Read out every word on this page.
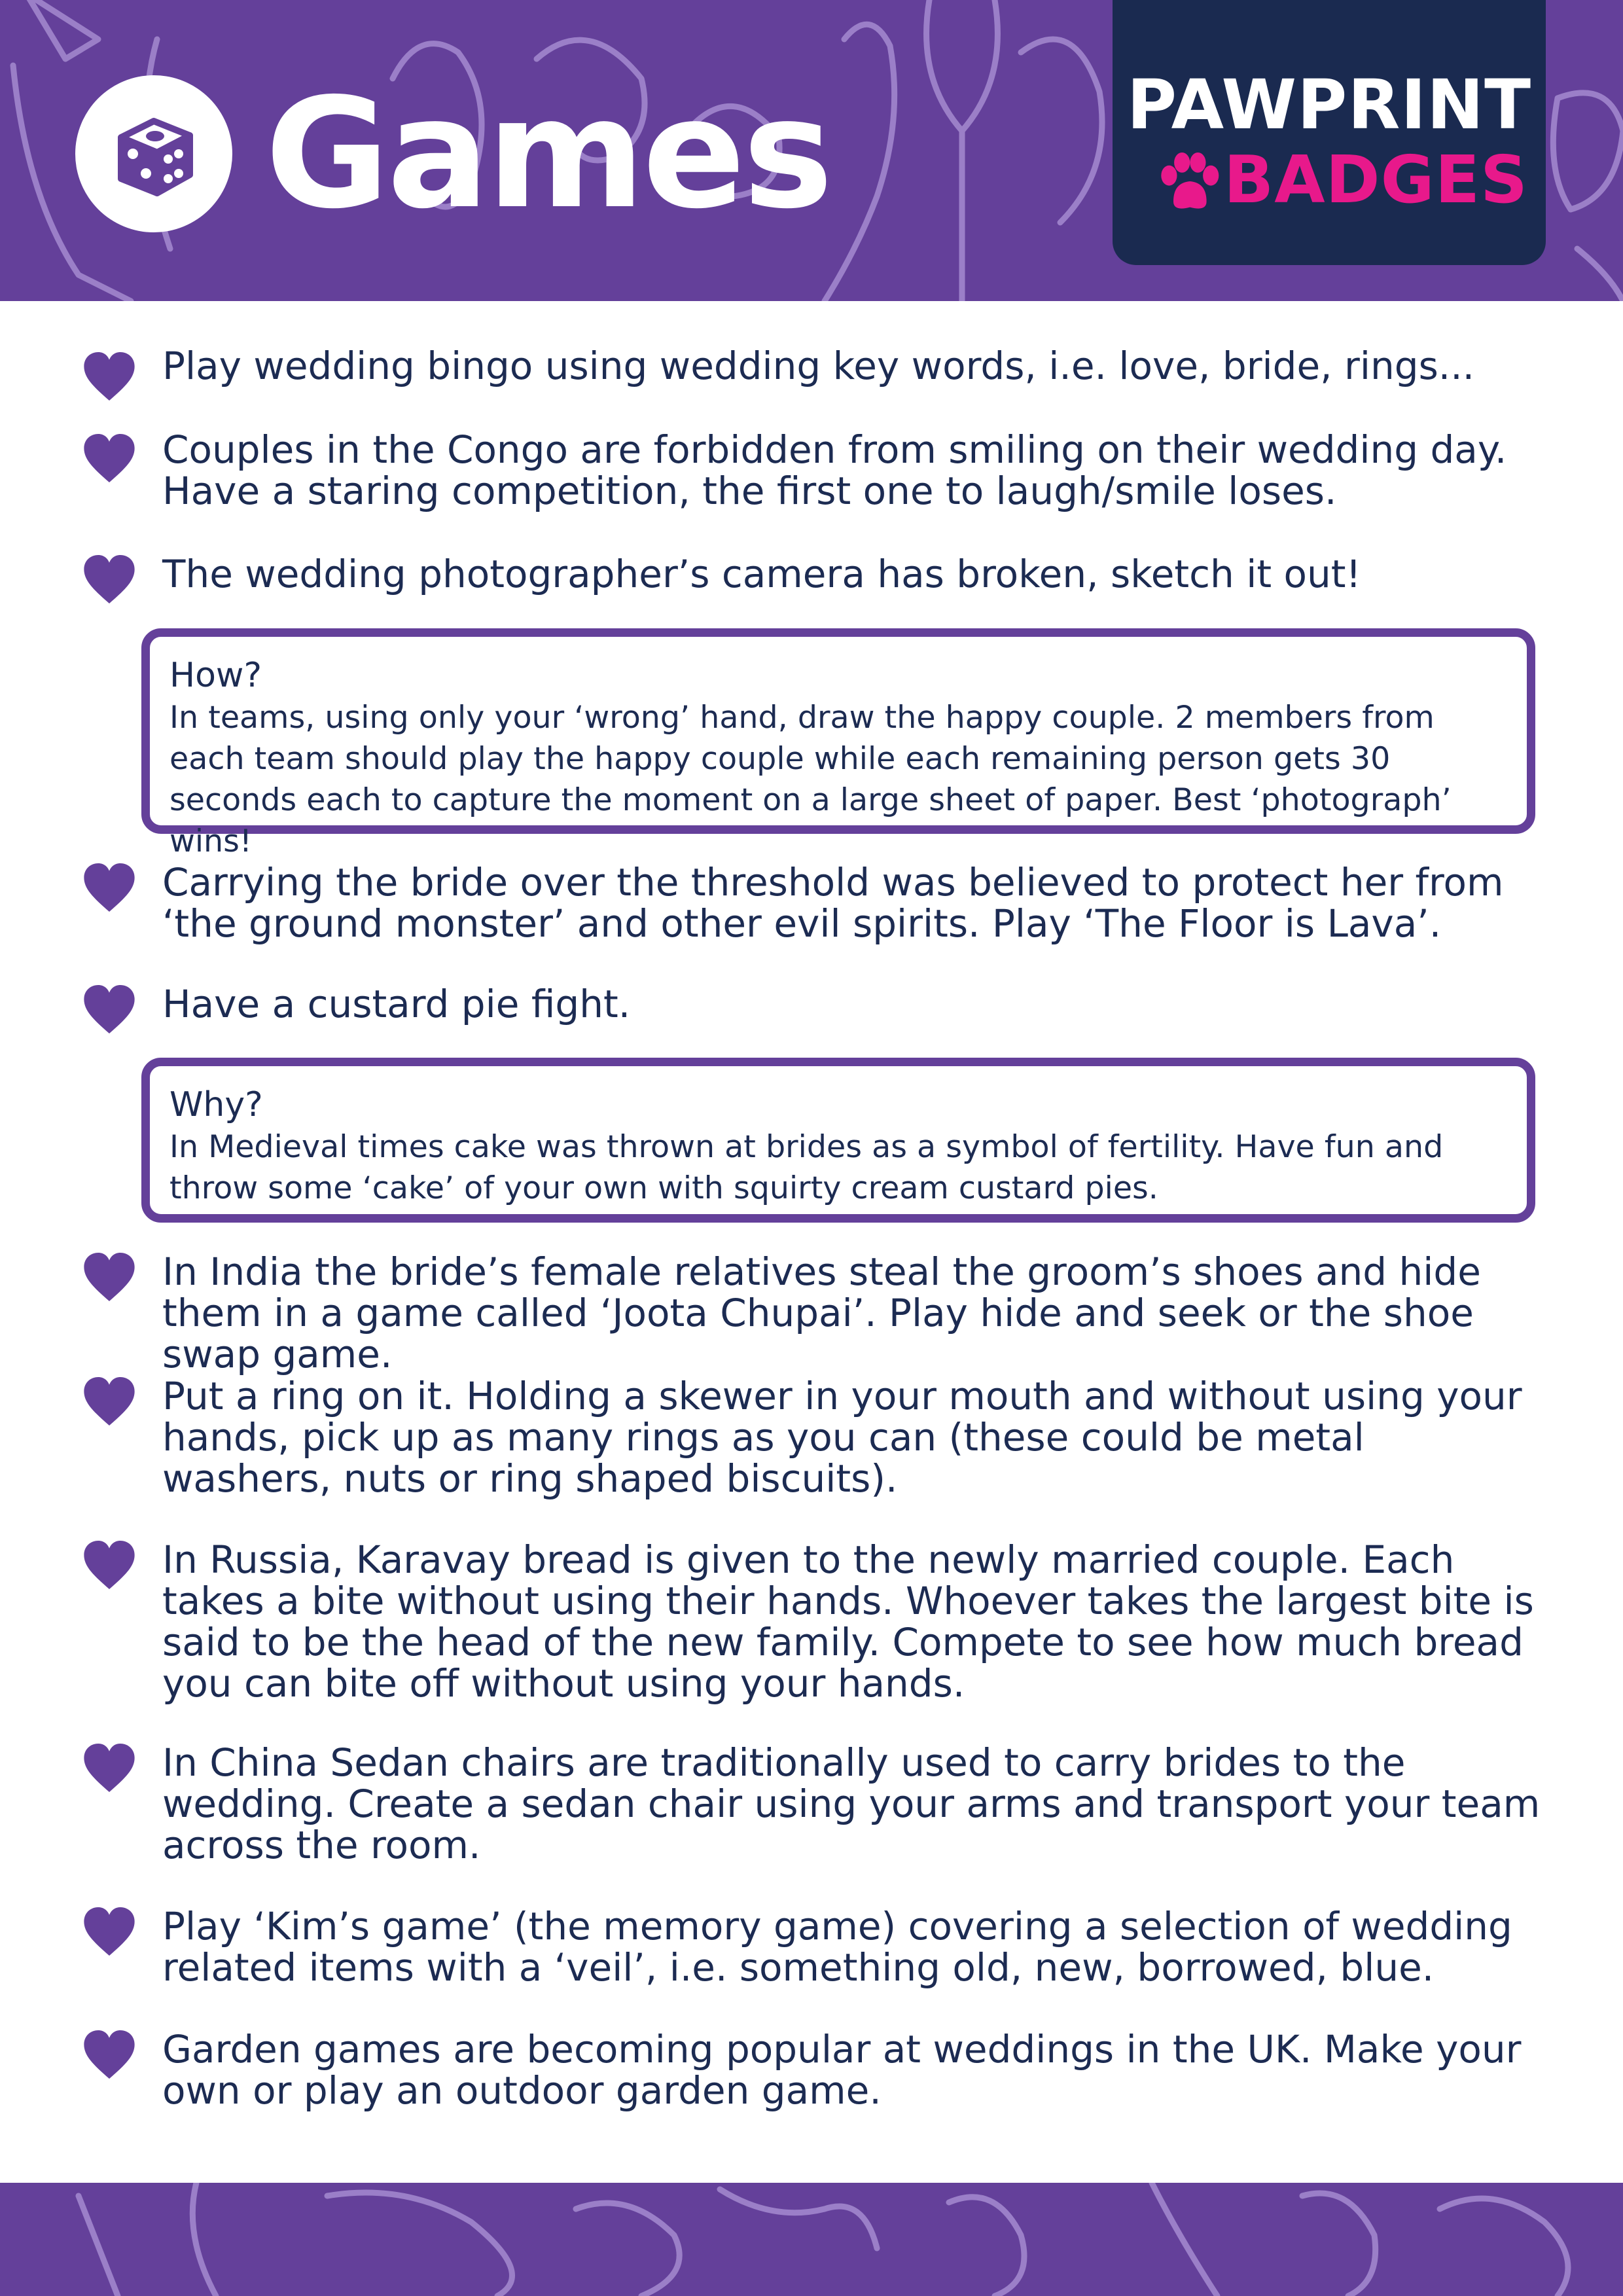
Games	PAWPRINT
BADGES
Play wedding bingo using wedding key words, i.e. love, bride, rings...
Couples in the Congo are forbidden from smiling on their wedding day. Have a staring competition, the first one to laugh/smile loses.
The wedding photographer’s camera has broken, sketch it out!
How?
In teams, using only your ‘wrong’ hand, draw the happy couple. 2 members from each team should play the happy couple while each remaining person gets 30 seconds each to capture the moment on a large sheet of paper. Best ‘photograph’ wins!
Carrying the bride over the threshold was believed to protect her from ‘the ground monster’ and other evil spirits. Play ‘The Floor is Lava’.
Have a custard pie fight.
Why?
In Medieval times cake was thrown at brides as a symbol of fertility. Have fun and throw some ‘cake’ of your own with squirty cream custard pies.
In India the bride’s female relatives steal the groom’s shoes and hide them in a game called ‘Joota Chupai’. Play hide and seek or the shoe swap game.
Put a ring on it. Holding a skewer in your mouth and without using your hands, pick up as many rings as you can (these could be metal washers, nuts or ring shaped biscuits).
In Russia, Karavay bread is given to the newly married couple. Each takes a bite without using their hands. Whoever takes the largest bite is said to be the head of the new family. Compete to see how much bread you can bite off without using your hands.
In China Sedan chairs are traditionally used to carry brides to the wedding. Create a sedan chair using your arms and transport your team across the room.
Play ‘Kim’s game’ (the memory game) covering a selection of wedding related items with a ‘veil’, i.e. something old, new, borrowed, blue.
Garden games are becoming popular at weddings in the UK. Make your own or play an outdoor garden game.
